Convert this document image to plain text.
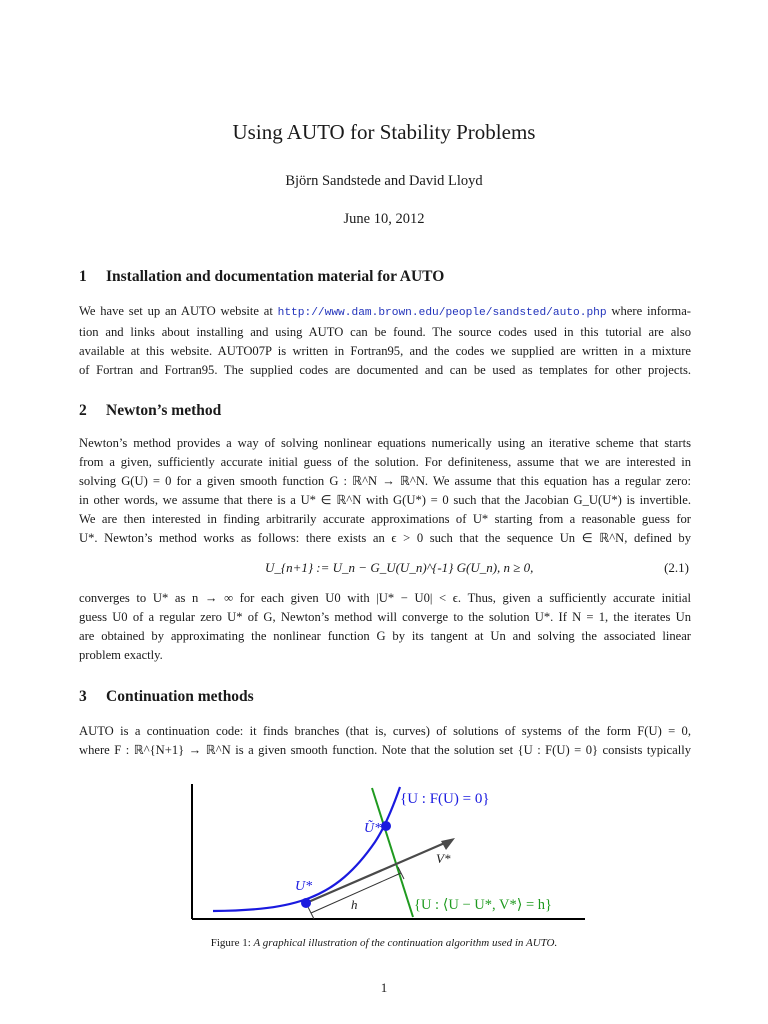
Using AUTO for Stability Problems
Björn Sandstede and David Lloyd
June 10, 2012
1 Installation and documentation material for AUTO
We have set up an AUTO website at http://www.dam.brown.edu/people/sandsted/auto.php where informa-
tion and links about installing and using AUTO can be found. The source codes used in this tutorial are also
available at this website. AUTO07P is written in Fortran95, and the codes we supplied are written in a mixture
of Fortran and Fortran95. The supplied codes are documented and can be used as templates for other projects.
2 Newton’s method
Newton’s method provides a way of solving nonlinear equations numerically using an iterative scheme that starts
from a given, sufficiently accurate initial guess of the solution. For definiteness, assume that we are interested in
solving G(U) = 0 for a given smooth function G : ℝ^N → ℝ^N. We assume that this equation has a regular zero:
in other words, we assume that there is a U* ∈ ℝ^N with G(U*) = 0 such that the Jacobian G_U(U*) is invertible.
We are then interested in finding arbitrarily accurate approximations of U* starting from a reasonable guess for
U*. Newton’s method works as follows: there exists an ϵ > 0 such that the sequence Un ∈ ℝ^N, defined by
U_{n+1} := U_n − G_U(U_n)^{-1} G(U_n), n ≥ 0,	(2.1)
converges to U* as n → ∞ for each given U0 with |U* − U0| < ϵ. Thus, given a sufficiently accurate initial
guess U0 of a regular zero U* of G, Newton’s method will converge to the solution U*. If N = 1, the iterates Un
are obtained by approximating the nonlinear function G by its tangent at Un and solving the associated linear
problem exactly.
3 Continuation methods
AUTO is a continuation code: it finds branches (that is, curves) of solutions of systems of the form F(U) = 0,
where F : ℝ^{N+1} → ℝ^N is a given smooth function. Note that the solution set {U : F(U) = 0} consists typically
{U : F(U) = 0}
{U : ⟨U − U*, V*⟩ = h}
Ũ*
U*
V*
h
Figure 1: A graphical illustration of the continuation algorithm used in AUTO.
1
